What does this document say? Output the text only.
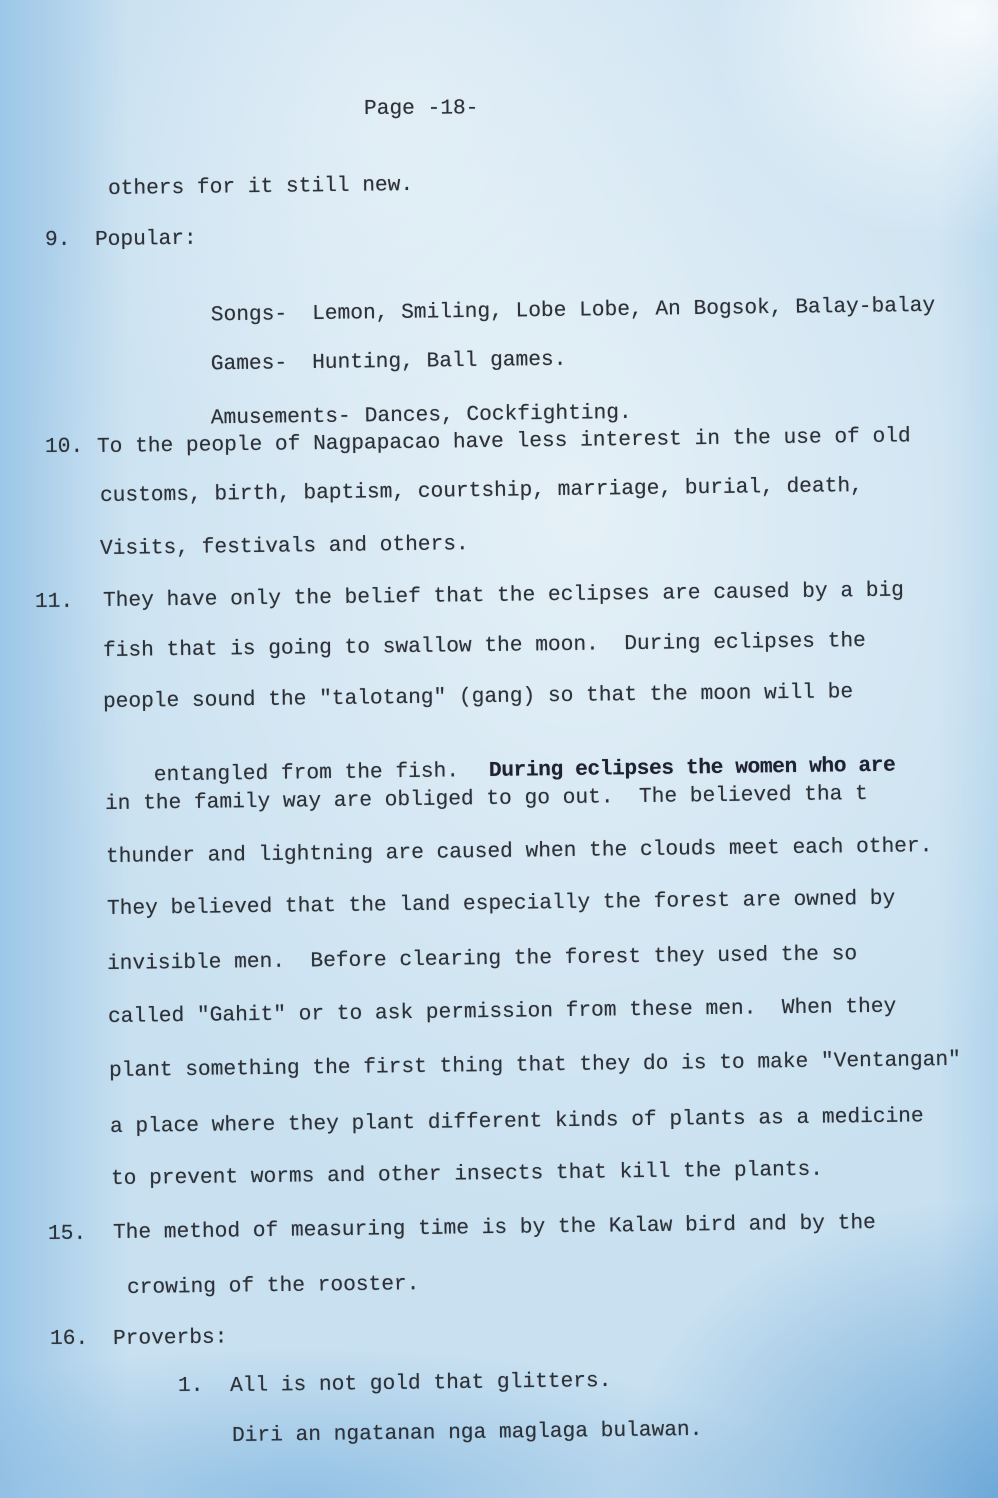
Page -18-
others for it still new.
9. Popular:

Songs- Lemon, Smiling, Lobe Lobe, An Bogsok, Balay-balay

Games- Hunting, Ball games.

Amusements- Dances, Cockfighting.

10. To the people of Nagpapacao have less interest in the use of old
customs, birth, baptism, courtship, marriage, burial, death,
Visits, festivals and others.
11. They have only the belief that the eclipses are caused by a big
fish that is going to swallow the moon.  During eclipses the
people sound the "talotang" (gang) so that the moon will be

entangled from the fish. During eclipses the women who are

in the family way are obliged to go out.  The believed tha t
thunder and lightning are caused when the clouds meet each other.
They believed that the land especially the forest are owned by
invisible men.  Before clearing the forest they used the so
called "Gahit" or to ask permission from these men.  When they
plant something the first thing that they do is to make "Ventangan"
a place where they plant different kinds of plants as a medicine
to prevent worms and other insects that kill the plants.
15. The method of measuring time is by the Kalaw bird and by the
crowing of the rooster.
16. Proverbs:
1. All is not gold that glitters.
Diri an ngatanan nga maglaga bulawan.
